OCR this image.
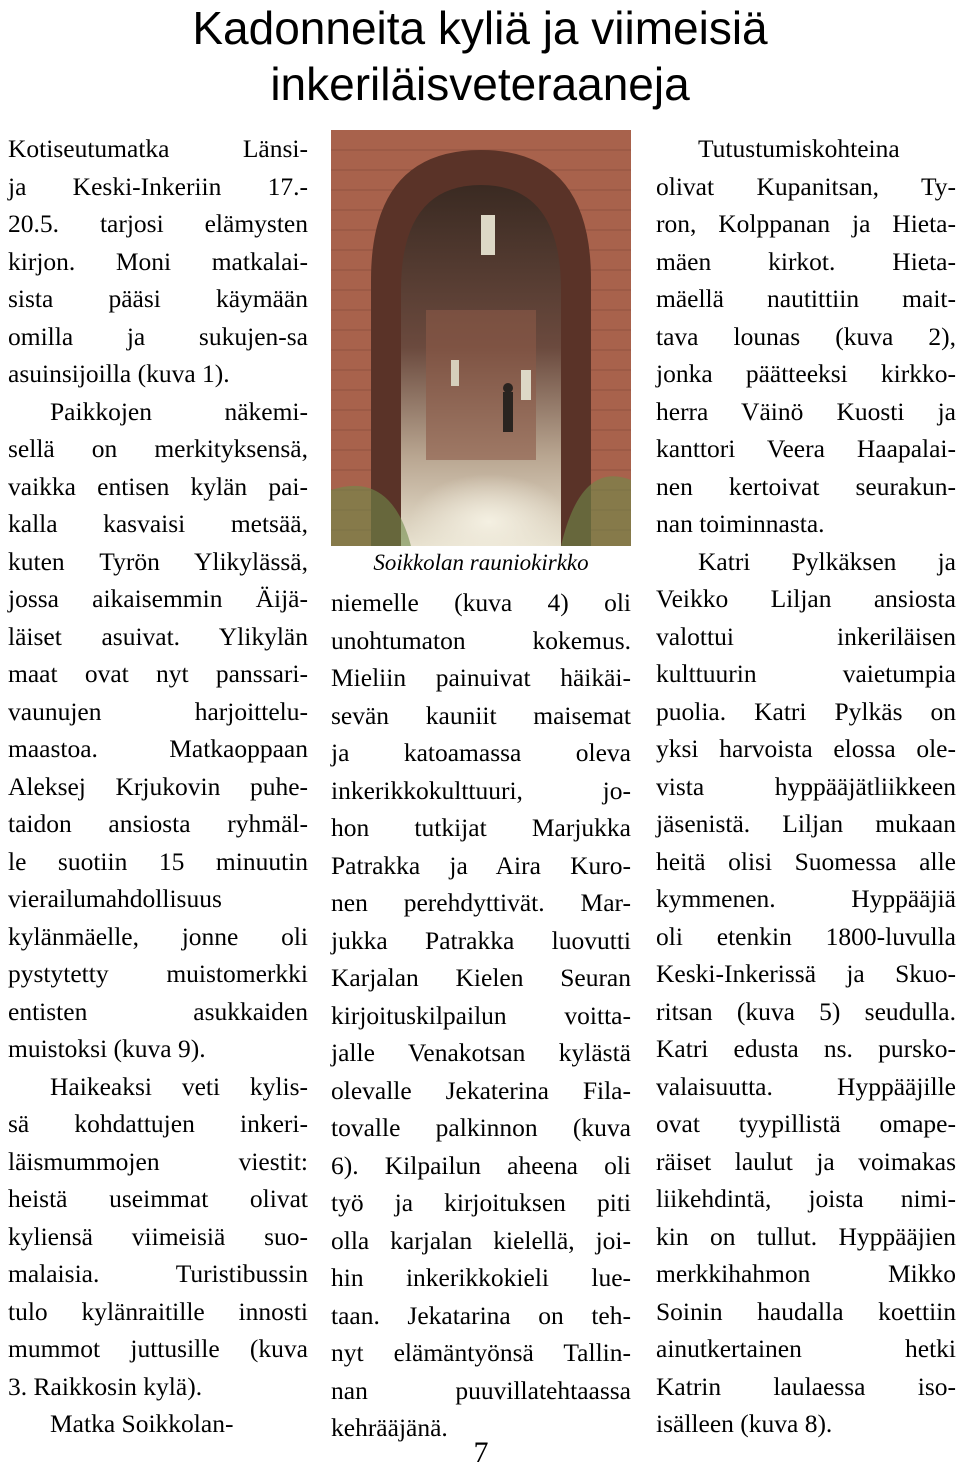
Kadonneita kyliä ja viimeisiä
inkeriläisveteraaneja
Kotiseutumatka Länsi-
ja Keski-Inkeriin 17.-
20.5. tarjosi elämysten
kirjon. Moni matkalai-
sista pääsi käymään
omilla ja sukujen-sa
asuinsijoilla (kuva 1).
Paikkojen näkemi-
sellä on merkityksensä,
vaikka entisen kylän pai-
kalla kasvaisi metsää,
kuten Tyrön Ylikylässä,
jossa aikaisemmin Äijä-
läiset asuivat. Ylikylän
maat ovat nyt panssari-
vaunujen harjoittelu-
maastoa. Matkaoppaan
Aleksej Krjukovin puhe-
taidon ansiosta ryhmäl-
le suotiin 15 minuutin
vierailumahdollisuus
kylänmäelle, jonne oli
pystytetty muistomerkki
entisten asukkaiden
muistoksi (kuva 9).
Haikeaksi veti kylis-
sä kohdattujen inkeri-
läismummojen viestit:
heistä useimmat olivat
kyliensä viimeisiä suo-
malaisia. Turistibussin
tulo kylänraitille innosti
mummot juttusille (kuva
3. Raikkosin kylä).
Matka Soikkolan-
Soikkolan rauniokirkko
niemelle (kuva 4) oli
unohtumaton kokemus.
Mieliin painuivat häikäi-
sevän kauniit maisemat
ja katoamassa oleva
inkerikkokulttuuri, jo-
hon tutkijat Marjukka
Patrakka ja Aira Kuro-
nen perehdyttivät. Mar-
jukka Patrakka luovutti
Karjalan Kielen Seuran
kirjoituskilpailun voitta-
jalle Venakotsan kylästä
olevalle Jekaterina Fila-
tovalle palkinnon (kuva
6). Kilpailun aheena oli
työ ja kirjoituksen piti
olla karjalan kielellä, joi-
hin inkerikkokieli lue-
taan. Jekatarina on teh-
nyt elämäntyönsä Tallin-
nan puuvillatehtaassa
kehrääjänä.
Tutustumiskohteina
olivat Kupanitsan, Ty-
ron, Kolppanan ja Hieta-
mäen kirkot. Hieta-
mäellä nautittiin mait-
tava lounas (kuva 2),
jonka päätteeksi kirkko-
herra Väinö Kuosti ja
kanttori Veera Haapalai-
nen kertoivat seurakun-
nan toiminnasta.
Katri Pylkäksen ja
Veikko Liljan ansiosta
valottui inkeriläisen
kulttuurin vaietumpia
puolia. Katri Pylkäs on
yksi harvoista elossa ole-
vista hyppääjätliikkeen
jäsenistä. Liljan mukaan
heitä olisi Suomessa alle
kymmenen. Hyppääjiä
oli etenkin 1800-luvulla
Keski-Inkerissä ja Skuo-
ritsan (kuva 5) seudulla.
Katri edusta ns. pursko-
valaisuutta. Hyppääjille
ovat tyypillistä omape-
räiset laulut ja voimakas
liikehdintä, joista nimi-
kin on tullut. Hyppääjien
merkkihahmon Mikko
Soinin haudalla koettiin
ainutkertainen hetki
Katrin laulaessa iso-
isälleen (kuva 8).
7
